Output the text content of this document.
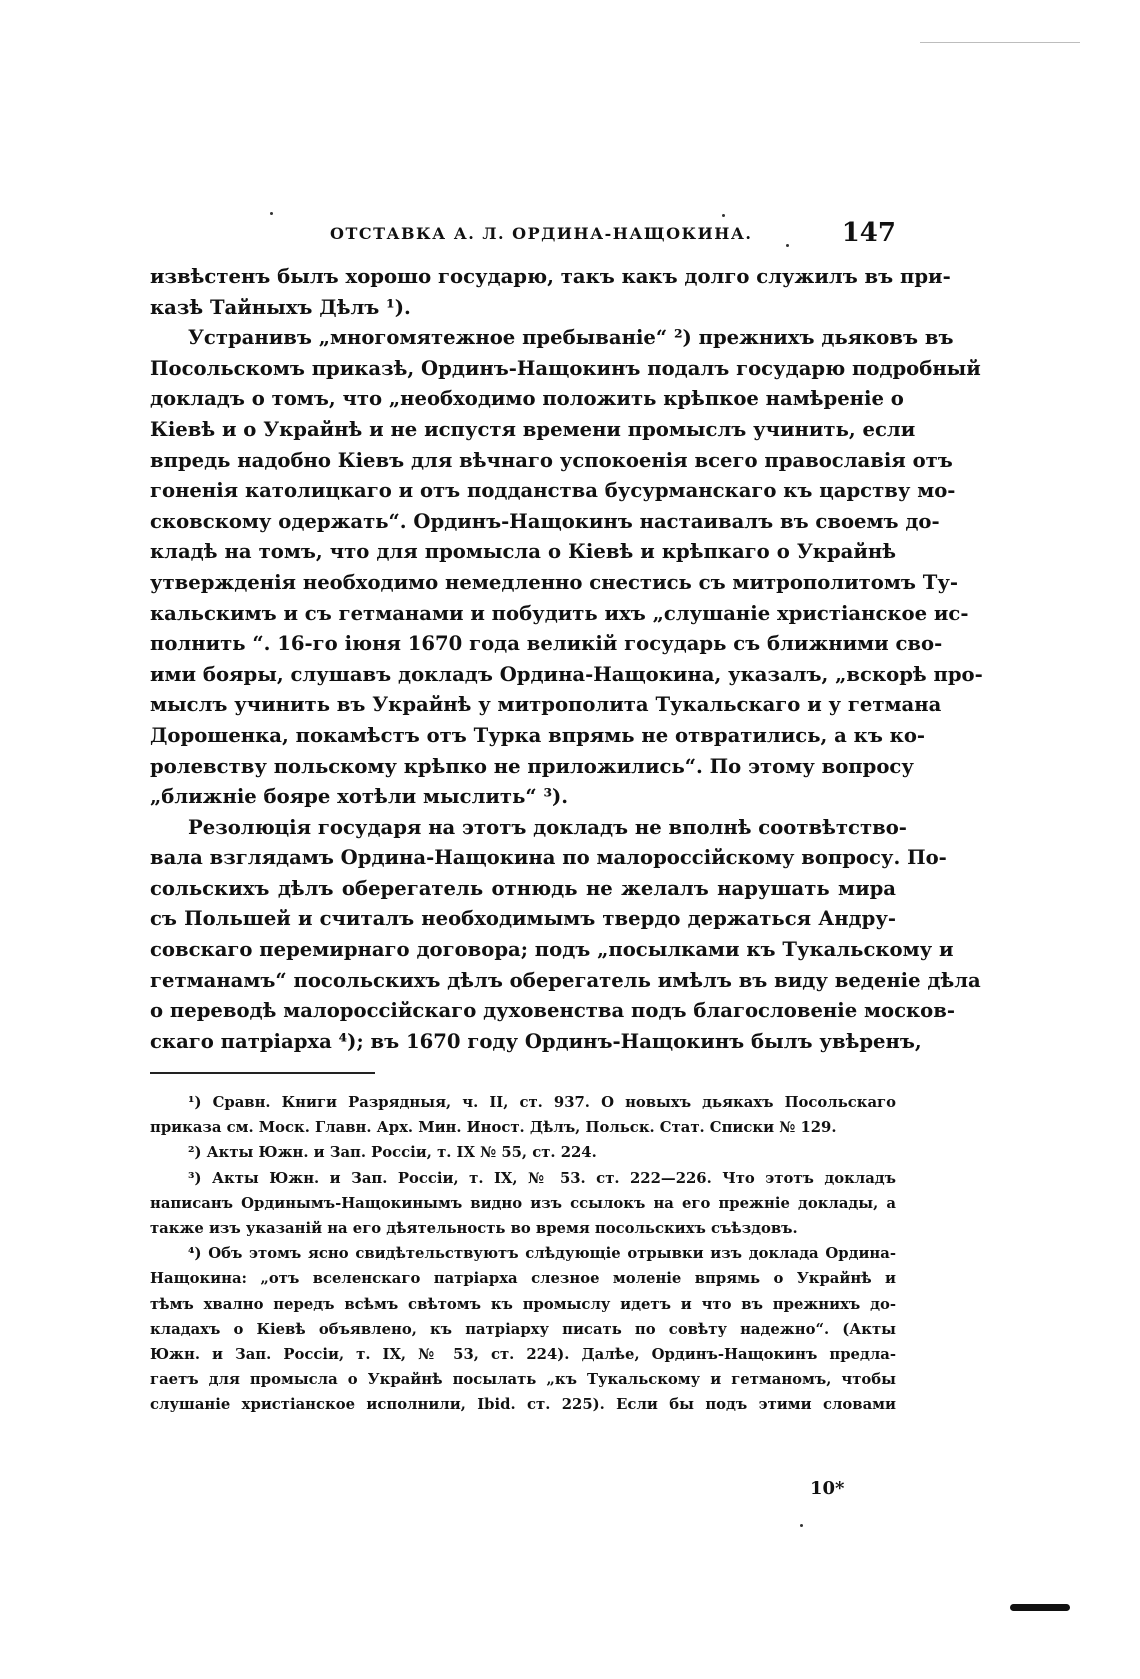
ОТСТАВКА А. Л. ОРДИНА-НАЩОКИНА.	147
извѣстенъ былъ хорошо государю, такъ какъ долго служилъ въ при-
казѣ Тайныхъ Дѣлъ ¹).
Устранивъ „многомятежное пребываніе“ ²) прежнихъ дьяковъ въ
Посольскомъ приказѣ, Ординъ-Нащокинъ подалъ государю подробный
докладъ о томъ, что „необходимо положить крѣпкое намѣреніе о
Кіевѣ и о Украйнѣ и не испустя времени промыслъ учинить, если
впредь надобно Кіевъ для вѣчнаго успокоенія всего православія отъ
гоненія католицкаго и отъ подданства бусурманскаго къ царству мо-
сковскому одержать“. Ординъ-Нащокинъ настаивалъ въ своемъ до-
кладѣ на томъ, что для промысла о Кіевѣ и крѣпкаго о Украйнѣ
утвержденія необходимо немедленно снестись съ митрополитомъ Ту-
кальскимъ и съ гетманами и побудить ихъ „слушаніе христіанское ис-
полнить “. 16-го іюня 1670 года великій государь съ ближними сво-
ими бояры, слушавъ докладъ Ордина-Нащокина, указалъ, „вскорѣ про-
мыслъ учинить въ Украйнѣ у митрополита Тукальскаго и у гетмана
Дорошенка, покамѣстъ отъ Турка впрямь не отвратились, а къ ко-
ролевству польскому крѣпко не приложились“. По этому вопросу
„ближніе бояре хотѣли мыслить“ ³).
Резолюція государя на этотъ докладъ не вполнѣ соотвѣтство-
вала взглядамъ Ордина-Нащокина по малороссійскому вопросу. По-
сольскихъ дѣлъ оберегатель отнюдь не желалъ нарушать мира
съ Польшей и считалъ необходимымъ твердо держаться Андру-
совскаго перемирнаго договора; подъ „посылками къ Тукальскому и
гетманамъ“ посольскихъ дѣлъ оберегатель имѣлъ въ виду веденіе дѣла
о переводѣ малороссійскаго духовенства подъ благословеніе москов-
скаго патріарха ⁴); въ 1670 году Ординъ-Нащокинъ былъ увѣренъ,
¹) Сравн. Книги Разрядныя, ч. II, ст. 937. О новыхъ дьякахъ Посольскаго
приказа см. Моск. Главн. Арх. Мин. Иност. Дѣлъ, Польск. Стат. Списки № 129.
²) Акты Южн. и Зап. Россіи, т. IX № 55, ст. 224.
³) Акты Южн. и Зап. Россіи, т. IX, № 53. ст. 222—226. Что этотъ докладъ
написанъ Ординымъ-Нащокинымъ видно изъ ссылокъ на его прежніе доклады, а
также изъ указаній на его дѣятельность во время посольскихъ съѣздовъ.
⁴) Объ этомъ ясно свидѣтельствуютъ слѣдующіе отрывки изъ доклада Ордина-
Нащокина: „отъ вселенскаго патріарха слезное моленіе впрямь о Украйнѣ и
тѣмъ хвално передъ всѣмъ свѣтомъ къ промыслу идетъ и что въ прежнихъ до-
кладахъ о Кіевѣ объявлено, къ патріарху писать по совѣту надежно“. (Акты
Южн. и Зап. Россіи, т. IX, № 53, ст. 224). Далѣе, Ординъ-Нащокинъ предла-
гаетъ для промысла о Украйнѣ посылать „къ Тукальскому и гетманомъ, чтобы
слушаніе христіанское исполнили, Ibid. ст. 225). Если бы подъ этими словами
10*
